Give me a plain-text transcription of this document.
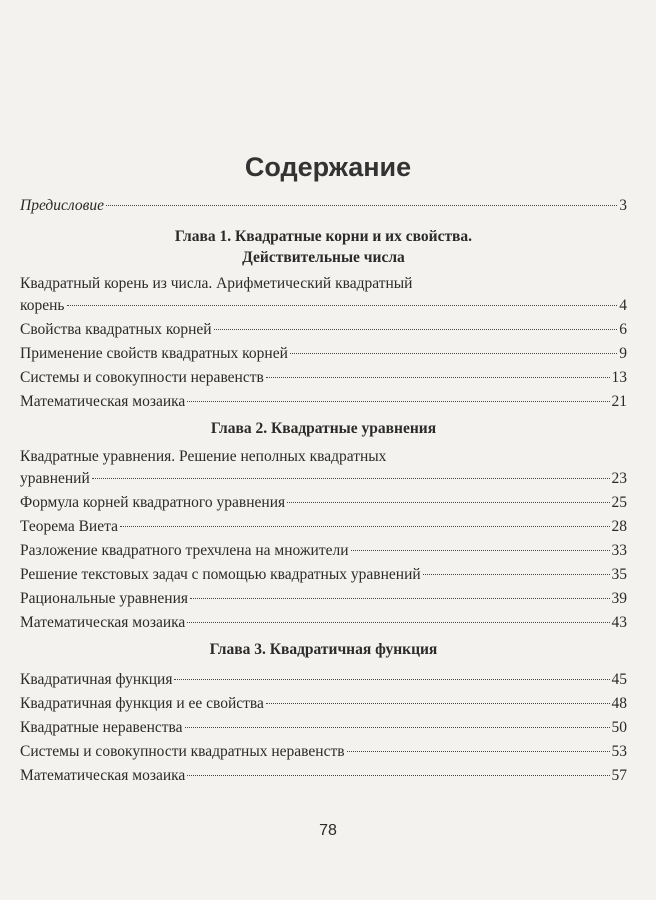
Содержание
Предисловие	3
Глава 1. Квадратные корни и их свойства.
Действительные числа
Квадратный корень из числа. Арифметический квадратный
корень	4
Свойства квадратных корней	6
Применение свойств квадратных корней	9
Системы и совокупности неравенств	13
Математическая мозаика	21
Глава 2. Квадратные уравнения
Квадратные уравнения. Решение неполных квадратных
уравнений	23
Формула корней квадратного уравнения	25
Теорема Виета	28
Разложение квадратного трехчлена на множители	33
Решение текстовых задач с помощью квадратных уравнений	35
Рациональные уравнения	39
Математическая мозаика	43
Глава 3. Квадратичная функция
Квадратичная функция	45
Квадратичная функция и ее свойства	48
Квадратные неравенства	50
Системы и совокупности квадратных неравенств	53
Математическая мозаика	57
78
